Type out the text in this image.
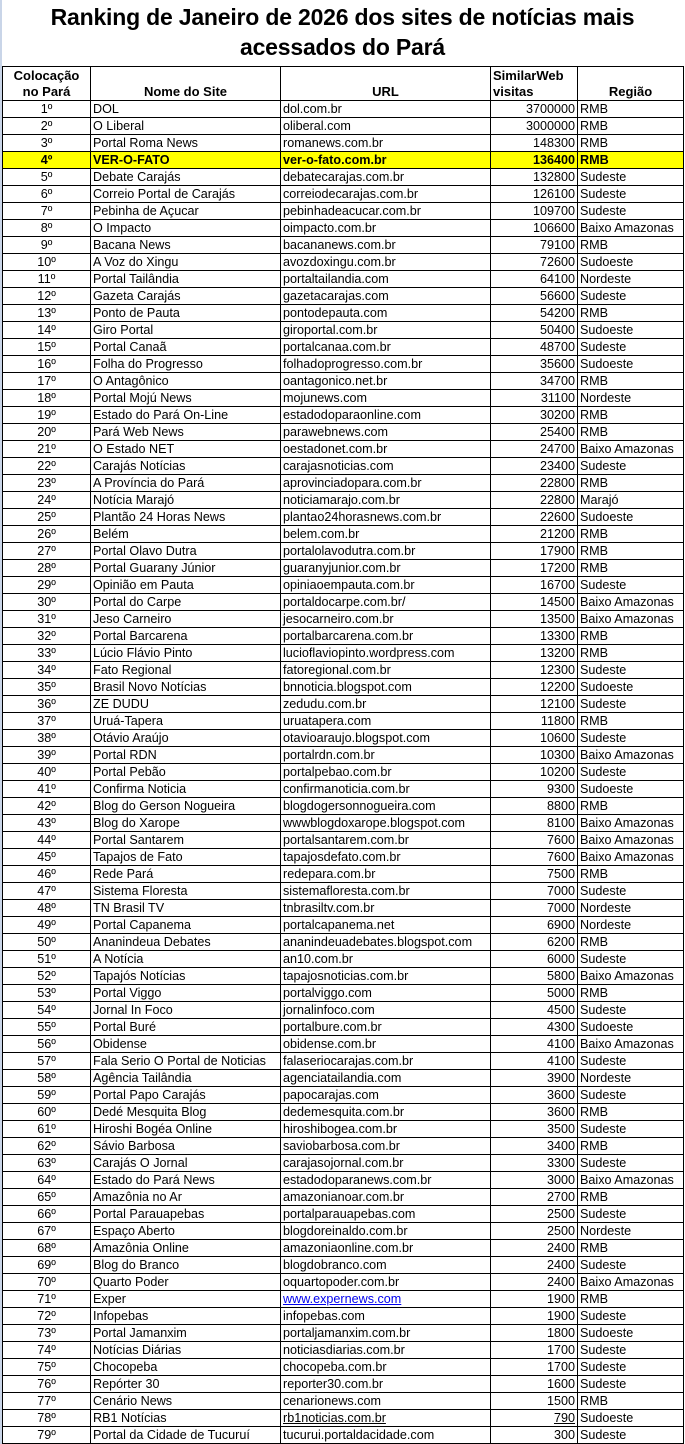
Ranking de Janeiro de 2026 dos sites de notícias mais acessados do Pará
Colocação no Pará	Nome do Site	URL	SimilarWeb visitas	Região
1º	DOL	dol.com.br	3700000	RMB
2º	O Liberal	oliberal.com	3000000	RMB
3º	Portal Roma News	romanews.com.br	148300	RMB
4º	VER-O-FATO	ver-o-fato.com.br	136400	RMB
5º	Debate Carajás	debatecarajas.com.br	132800	Sudeste
6º	Correio Portal de Carajás	correiodecarajas.com.br	126100	Sudeste
7º	Pebinha de Açucar	pebinhadeacucar.com.br	109700	Sudeste
8º	O Impacto	oimpacto.com.br	106600	Baixo Amazonas
9º	Bacana News	bacananews.com.br	79100	RMB
10º	A Voz do Xingu	avozdoxingu.com.br	72600	Sudoeste
11º	Portal Tailândia	portaltailandia.com	64100	Nordeste
12º	Gazeta Carajás	gazetacarajas.com	56600	Sudeste
13º	Ponto de Pauta	pontodepauta.com	54200	RMB
14º	Giro Portal	giroportal.com.br	50400	Sudoeste
15º	Portal Canaã	portalcanaa.com.br	48700	Sudeste
16º	Folha do Progresso	folhadoprogresso.com.br	35600	Sudoeste
17º	O Antagônico	oantagonico.net.br	34700	RMB
18º	Portal Mojú News	mojunews.com	31100	Nordeste
19º	Estado do Pará On-Line	estadodoparaonline.com	30200	RMB
20º	Pará Web News	parawebnews.com	25400	RMB
21º	O Estado NET	oestadonet.com.br	24700	Baixo Amazonas
22º	Carajás Notícias	carajasnoticias.com	23400	Sudeste
23º	A Província do Pará	aprovinciadopara.com.br	22800	RMB
24º	Notícia Marajó	noticiamarajo.com.br	22800	Marajó
25º	Plantão 24 Horas News	plantao24horasnews.com.br	22600	Sudoeste
26º	Belém	belem.com.br	21200	RMB
27º	Portal Olavo Dutra	portalolavodutra.com.br	17900	RMB
28º	Portal Guarany Júnior	guaranyjunior.com.br	17200	RMB
29º	Opinião em Pauta	opiniaoempauta.com.br	16700	Sudeste
30º	Portal do Carpe	portaldocarpe.com.br/	14500	Baixo Amazonas
31º	Jeso Carneiro	jesocarneiro.com.br	13500	Baixo Amazonas
32º	Portal Barcarena	portalbarcarena.com.br	13300	RMB
33º	Lúcio Flávio Pinto	lucioflaviopinto.wordpress.com	13200	RMB
34º	Fato Regional	fatoregional.com.br	12300	Sudeste
35º	Brasil Novo Notícias	bnnoticia.blogspot.com	12200	Sudoeste
36º	ZE DUDU	zedudu.com.br	12100	Sudeste
37º	Uruá-Tapera	uruatapera.com	11800	RMB
38º	Otávio Araújo	otavioaraujo.blogspot.com	10600	Sudeste
39º	Portal RDN	portalrdn.com.br	10300	Baixo Amazonas
40º	Portal Pebão	portalpebao.com.br	10200	Sudeste
41º	Confirma Noticia	confirmanoticia.com.br	9300	Sudoeste
42º	Blog do Gerson Nogueira	blogdogersonnogueira.com	8800	RMB
43º	Blog do Xarope	wwwblogdoxarope.blogspot.com	8100	Baixo Amazonas
44º	Portal Santarem	portalsantarem.com.br	7600	Baixo Amazonas
45º	Tapajos de Fato	tapajosdefato.com.br	7600	Baixo Amazonas
46º	Rede Pará	redepara.com.br	7500	RMB
47º	Sistema Floresta	sistemafloresta.com.br	7000	Sudeste
48º	TN Brasil TV	tnbrasiltv.com.br	7000	Nordeste
49º	Portal Capanema	portalcapanema.net	6900	Nordeste
50º	Ananindeua Debates	ananindeuadebates.blogspot.com	6200	RMB
51º	A Notícia	an10.com.br	6000	Sudeste
52º	Tapajós Notícias	tapajosnoticias.com.br	5800	Baixo Amazonas
53º	Portal Viggo	portalviggo.com	5000	RMB
54º	Jornal In Foco	jornalinfoco.com	4500	Sudeste
55º	Portal Buré	portalbure.com.br	4300	Sudoeste
56º	Obidense	obidense.com.br	4100	Baixo Amazonas
57º	Fala Serio O Portal de Noticias	falaseriocarajas.com.br	4100	Sudeste
58º	Agência Tailândia	agenciatailandia.com	3900	Nordeste
59º	Portal Papo Carajás	papocarajas.com	3600	Sudeste
60º	Dedé Mesquita Blog	dedemesquita.com.br	3600	RMB
61º	Hiroshi Bogéa Online	hiroshibogea.com.br	3500	Sudeste
62º	Sávio Barbosa	saviobarbosa.com.br	3400	RMB
63º	Carajás O Jornal	carajasojornal.com.br	3300	Sudeste
64º	Estado do Pará News	estadodoparanews.com.br	3000	Baixo Amazonas
65º	Amazônia no Ar	amazonianoar.com.br	2700	RMB
66º	Portal Parauapebas	portalparauapebas.com	2500	Sudeste
67º	Espaço Aberto	blogdoreinaldo.com.br	2500	Nordeste
68º	Amazônia Online	amazoniaonline.com.br	2400	RMB
69º	Blog do Branco	blogdobranco.com	2400	Sudeste
70º	Quarto Poder	oquartopoder.com.br	2400	Baixo Amazonas
71º	Exper	www.expernews.com	1900	RMB
72º	Infopebas	infopebas.com	1900	Sudeste
73º	Portal Jamanxim	portaljamanxim.com.br	1800	Sudoeste
74º	Notícias Diárias	noticiasdiarias.com.br	1700	Sudeste
75º	Chocopeba	chocopeba.com.br	1700	Sudeste
76º	Repórter 30	reporter30.com.br	1600	Sudeste
77º	Cenário News	cenarionews.com	1500	RMB
78º	RB1 Notícias	rb1noticias.com.br	790	Sudoeste
79º	Portal da Cidade de Tucuruí	tucurui.portaldacidade.com	300	Sudeste
